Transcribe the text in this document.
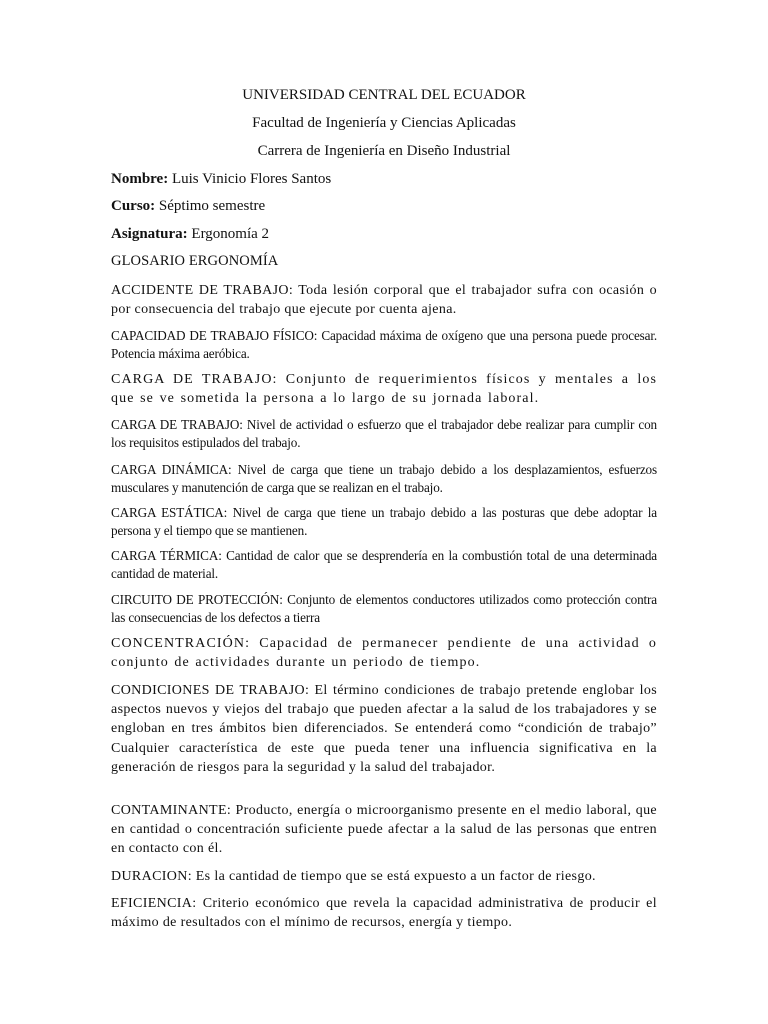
UNIVERSIDAD CENTRAL DEL ECUADOR
Facultad de Ingeniería y Ciencias Aplicadas
Carrera de Ingeniería en Diseño Industrial
Nombre: Luis Vinicio Flores Santos
Curso: Séptimo semestre
Asignatura: Ergonomía 2
GLOSARIO ERGONOMÍA

ACCIDENTE DE TRABAJO: Toda lesión corporal que el trabajador sufra con ocasión o por consecuencia del trabajo que ejecute por cuenta ajena.

CAPACIDAD DE TRABAJO FÍSICO: Capacidad máxima de oxígeno que una persona puede procesar. Potencia máxima aeróbica.

CARGA DE TRABAJO: Conjunto de requerimientos físicos y mentales a los que se ve sometida la persona a lo largo de su jornada laboral.

CARGA DE TRABAJO: Nivel de actividad o esfuerzo que el trabajador debe realizar para cumplir con los requisitos estipulados del trabajo.

CARGA DINÁMICA: Nivel de carga que tiene un trabajo debido a los desplazamientos, esfuerzos musculares y manutención de carga que se realizan en el trabajo.

CARGA ESTÁTICA: Nivel de carga que tiene un trabajo debido a las posturas que debe adoptar la persona y el tiempo que se mantienen.

CARGA TÉRMICA: Cantidad de calor que se desprendería en la combustión total de una determinada cantidad de material.

CIRCUITO DE PROTECCIÓN: Conjunto de elementos conductores utilizados como protección contra las consecuencias de los defectos a tierra

CONCENTRACIÓN: Capacidad de permanecer pendiente de una actividad o conjunto de actividades durante un periodo de tiempo.

CONDICIONES DE TRABAJO: El término condiciones de trabajo pretende englobar los aspectos nuevos y viejos del trabajo que pueden afectar a la salud de los trabajadores y se engloban en tres ámbitos bien diferenciados. Se entenderá como “condición de trabajo” Cualquier característica de este que pueda tener una influencia significativa en la generación de riesgos para la seguridad y la salud del trabajador.

CONTAMINANTE: Producto, energía o microorganismo presente en el medio laboral, que en cantidad o concentración suficiente puede afectar a la salud de las personas que entren en contacto con él.

DURACION: Es la cantidad de tiempo que se está expuesto a un factor de riesgo.

EFICIENCIA: Criterio económico que revela la capacidad administrativa de producir el máximo de resultados con el mínimo de recursos, energía y tiempo.
